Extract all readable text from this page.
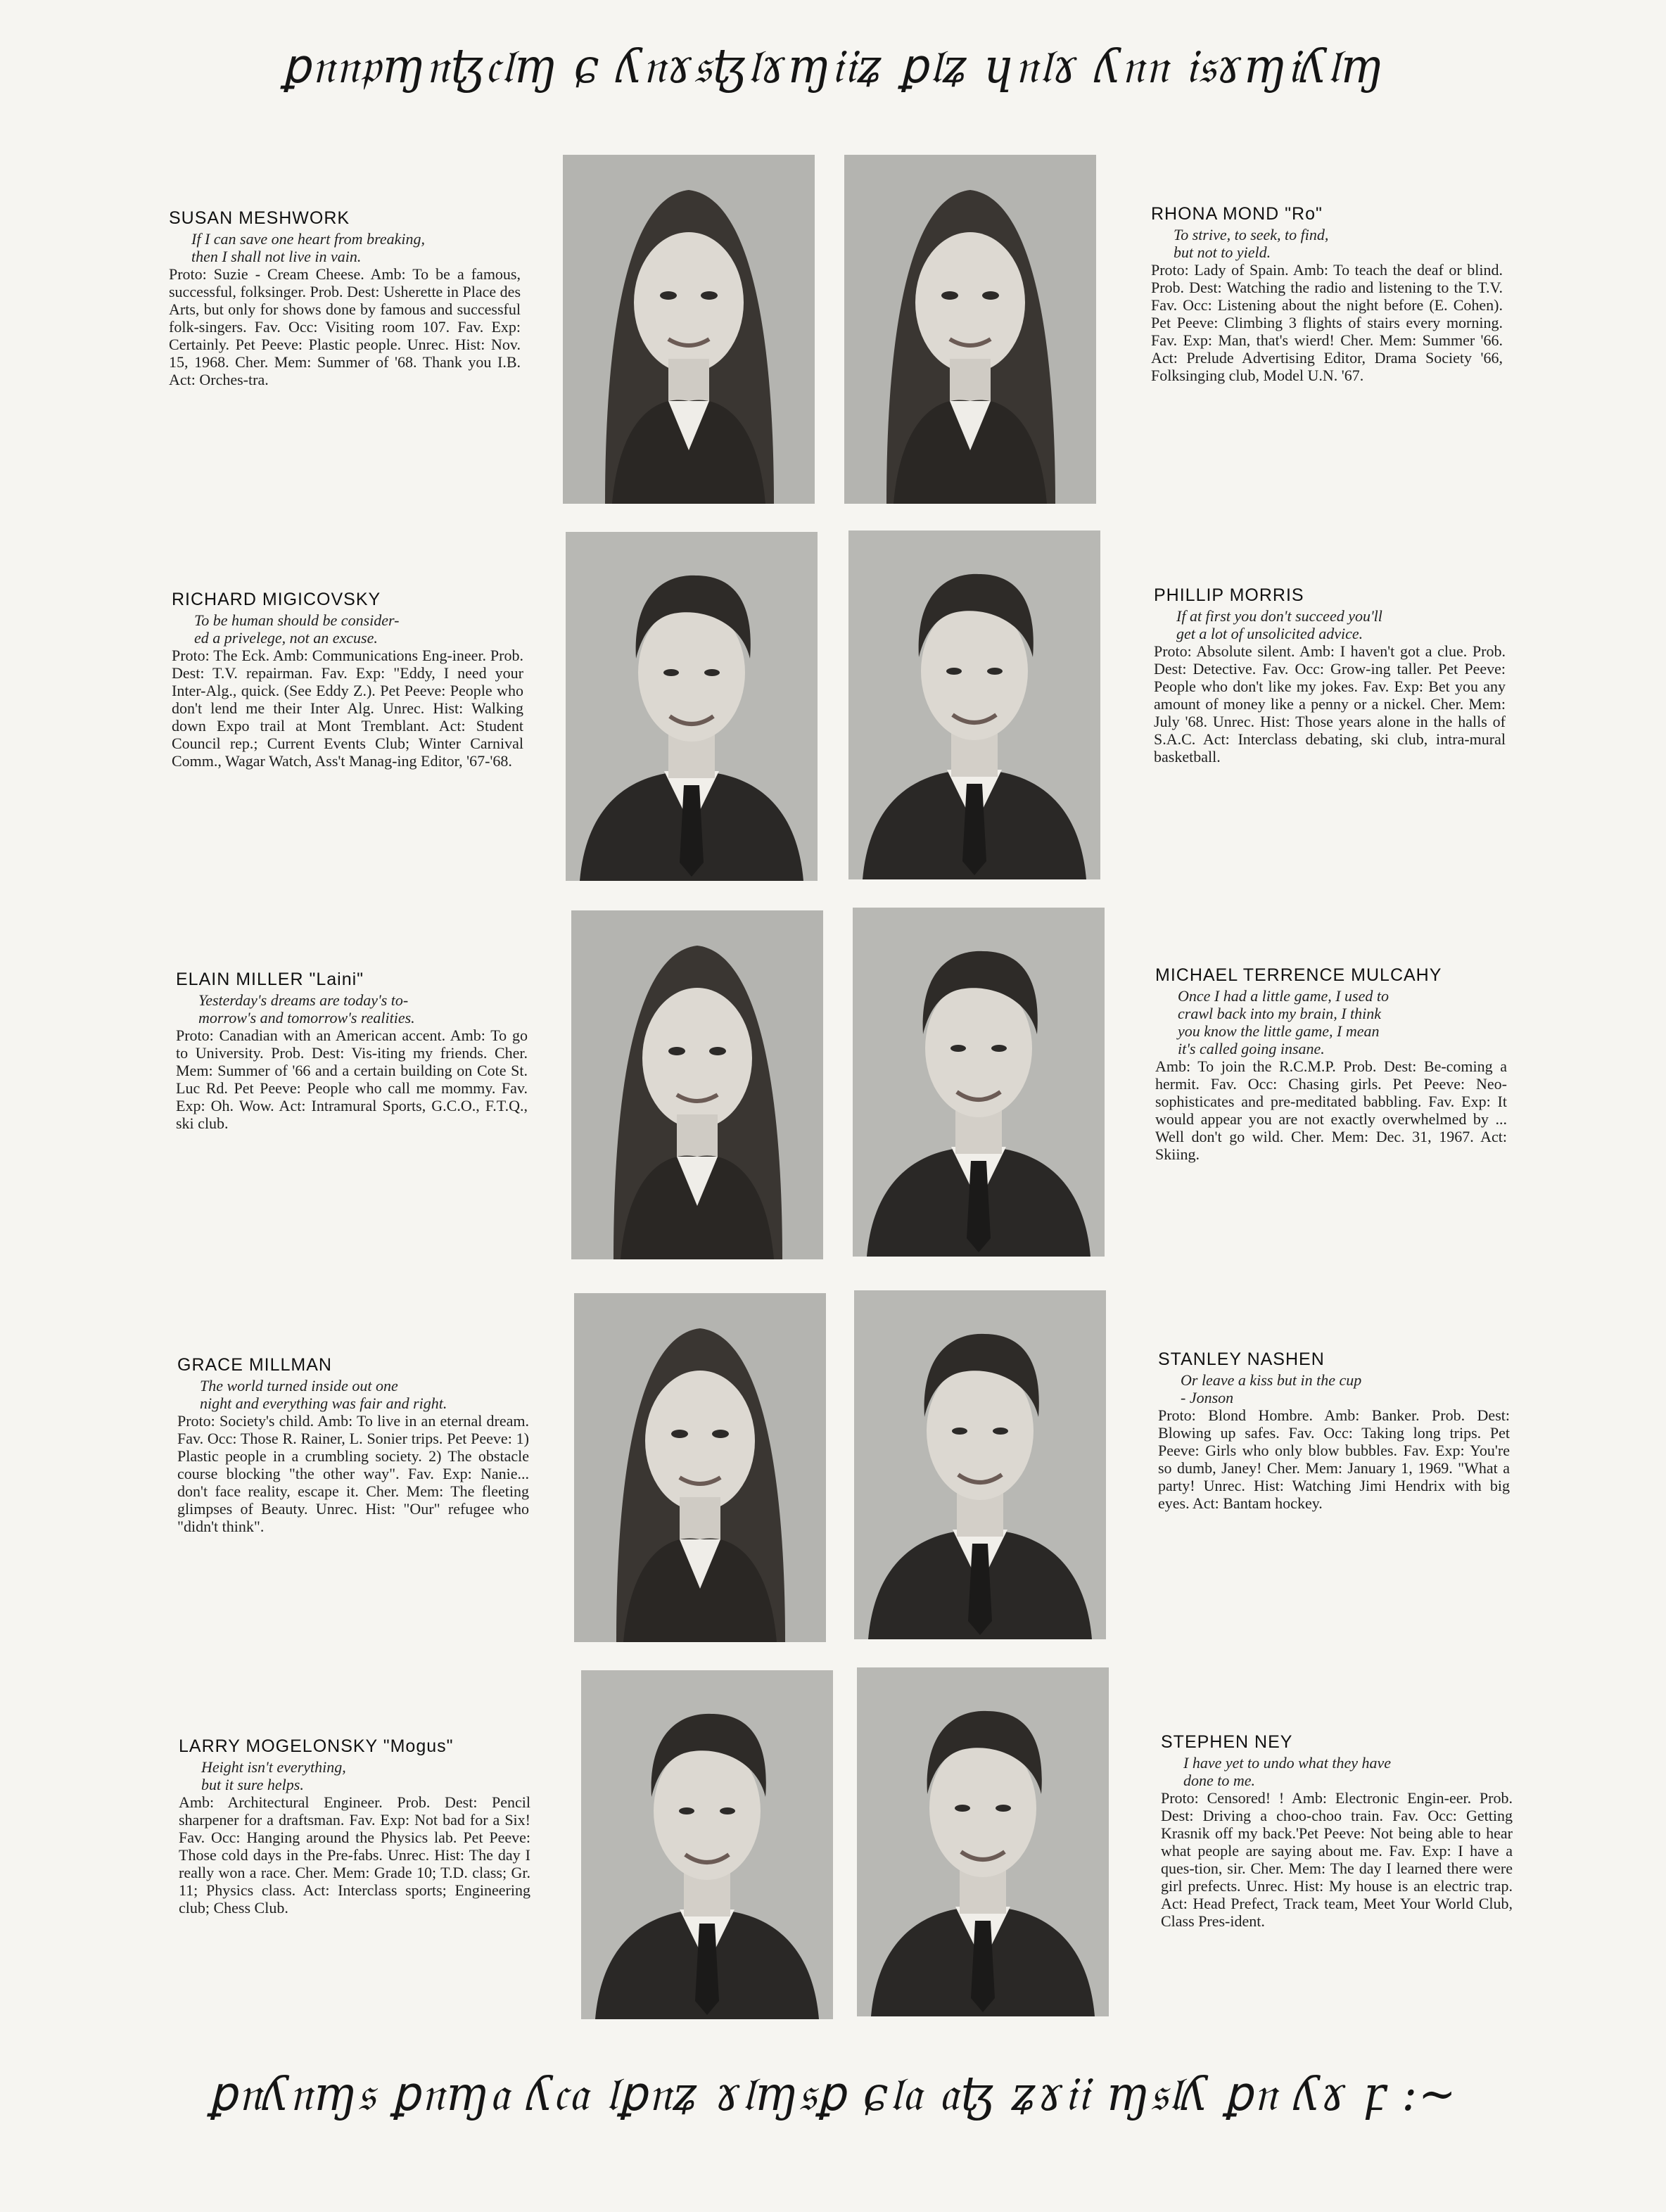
ꝑ𝔫𝔫𝔭ɱ𝔫ꜩ𝔠𝔩ɱ ɕ ʎ𝔫ɤ𝔰ꜩ𝔩ɤɱ𝔦𝔦ʑ ꝑ𝔩ʑ ɥ𝔫𝔩ɤ ʎ𝔫𝔫 𝔦𝔰ɤɱ𝔦ʎ𝔩ɱ
SUSAN MESHWORK
If I can save one heart from breaking,
then I shall not live in vain.
Proto: Suzie - Cream Cheese. Amb: To be a famous, successful, folksinger. Prob. Dest: Usherette in Place des Arts, but only for shows done by famous and successful folk-singers. Fav. Occ: Visiting room 107. Fav. Exp: Certainly. Pet Peeve: Plastic people. Unrec. Hist: Nov. 15, 1968. Cher. Mem: Summer of '68. Thank you I.B. Act: Orches-tra.
RHONA MOND "Ro"
To strive, to seek, to find,
but not to yield.
Proto: Lady of Spain. Amb: To teach the deaf or blind. Prob. Dest: Watching the radio and listening to the T.V. Fav. Occ: Listening about the night before (E. Cohen). Pet Peeve: Climbing 3 flights of stairs every morning. Fav. Exp: Man, that's wierd! Cher. Mem: Summer '66. Act: Prelude Advertising Editor, Drama Society '66, Folksinging club, Model U.N. '67.
RICHARD MIGICOVSKY
To be human should be consider-
ed a privelege, not an excuse.
Proto: The Eck. Amb: Communications Eng-ineer. Prob. Dest: T.V. repairman. Fav. Exp: "Eddy, I need your Inter-Alg., quick. (See Eddy Z.). Pet Peeve: People who don't lend me their Inter Alg. Unrec. Hist: Walking down Expo trail at Mont Tremblant. Act: Student Council rep.; Current Events Club; Winter Carnival Comm., Wagar Watch, Ass't Manag-ing Editor, '67-'68.
PHILLIP MORRIS
If at first you don't succeed you'll
get a lot of unsolicited advice.
Proto: Absolute silent. Amb: I haven't got a clue. Prob. Dest: Detective. Fav. Occ: Grow-ing taller. Pet Peeve: People who don't like my jokes. Fav. Exp: Bet you any amount of money like a penny or a nickel. Cher. Mem: July '68. Unrec. Hist: Those years alone in the halls of S.A.C. Act: Interclass debating, ski club, intra-mural basketball.
ELAIN MILLER "Laini"
Yesterday's dreams are today's to-
morrow's and tomorrow's realities.
Proto: Canadian with an American accent. Amb: To go to University. Prob. Dest: Vis-iting my friends. Cher. Mem: Summer of '66 and a certain building on Cote St. Luc Rd. Pet Peeve: People who call me mommy. Fav. Exp: Oh. Wow. Act: Intramural Sports, G.C.O., F.T.Q., ski club.
MICHAEL TERRENCE MULCAHY
Once I had a little game, I used to
crawl back into my brain, I think
you know the little game, I mean
it's called going insane.
Amb: To join the R.C.M.P. Prob. Dest: Be-coming a hermit. Fav. Occ: Chasing girls. Pet Peeve: Neo-sophisticates and pre-meditated babbling. Fav. Exp: It would appear you are not exactly overwhelmed by ... Well don't go wild. Cher. Mem: Dec. 31, 1967. Act: Skiing.
GRACE MILLMAN
The world turned inside out one
night and everything was fair and right.
Proto: Society's child. Amb: To live in an eternal dream. Fav. Occ: Those R. Rainer, L. Sonier trips. Pet Peeve: 1) Plastic people in a crumbling society. 2) The obstacle course blocking "the other way". Fav. Exp: Nanie... don't face reality, escape it. Cher. Mem: The fleeting glimpses of Beauty. Unrec. Hist: "Our" refugee who "didn't think".
STANLEY NASHEN
Or leave a kiss but in the cup
- Jonson
Proto: Blond Hombre. Amb: Banker. Prob. Dest: Blowing up safes. Fav. Occ: Taking long trips. Pet Peeve: Girls who only blow bubbles. Fav. Exp: You're so dumb, Janey! Cher. Mem: January 1, 1969. "What a party! Unrec. Hist: Watching Jimi Hendrix with big eyes. Act: Bantam hockey.
LARRY MOGELONSKY "Mogus"
Height isn't everything,
but it sure helps.
Amb: Architectural Engineer. Prob. Dest: Pencil sharpener for a draftsman. Fav. Exp: Not bad for a Six! Fav. Occ: Hanging around the Physics lab. Pet Peeve: Those cold days in the Pre-fabs. Unrec. Hist: The day I really won a race. Cher. Mem: Grade 10; T.D. class; Gr. 11; Physics class. Act: Interclass sports; Engineering club; Chess Club.
STEPHEN NEY
I have yet to undo what they have
done to me.
Proto: Censored! ! Amb: Electronic Engin-eer. Prob. Dest: Driving a choo-choo train. Fav. Occ: Getting Krasnik off my back.'Pet Peeve: Not being able to hear what people are saying about me. Fav. Exp: I have a ques-tion, sir. Cher. Mem: The day I learned there were girl prefects. Unrec. Hist: My house is an electric trap. Act: Head Prefect, Track team, Meet Your World Club, Class Pres-ident.
ꝑ𝔫ʎ𝔫ɱ𝔰 ꝑ𝔫ɱ𝔞 ʎ𝔠𝔞 𝔩ꝑ𝔫ʑ ɤ𝔩ɱ𝔰ꝑ ɕ𝔩𝔞 𝔞ꜩ ʑɤ𝔦𝔦 ɱ𝔰𝔩ʎ ꝑ𝔫 ʎɤ ꝼ :~
